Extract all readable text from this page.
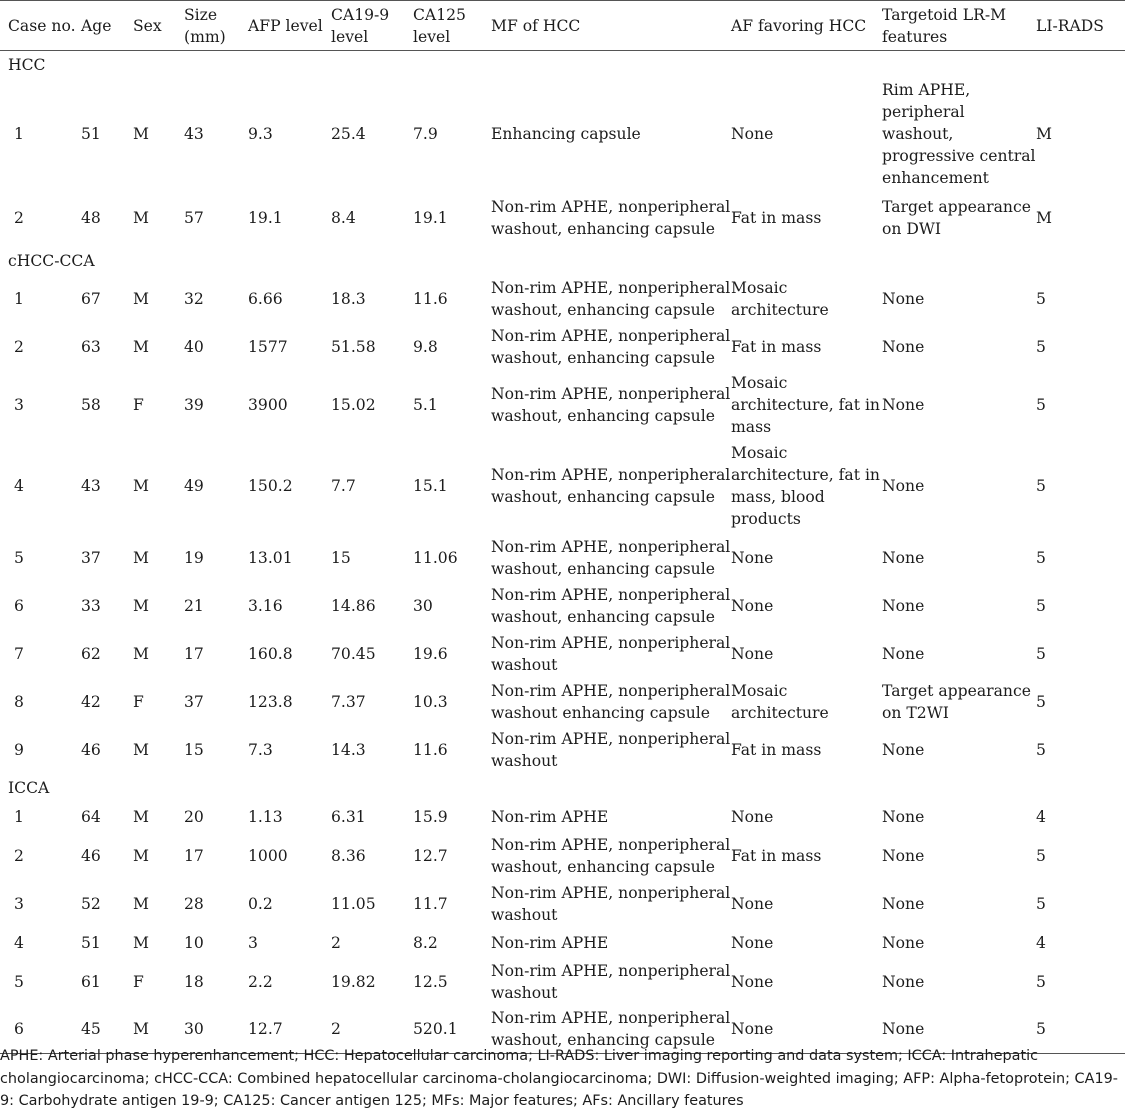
Case no.	Age	Sex	Size (mm)	AFP level	CA19-9 level	CA125 level	MF of HCC	AF favoring HCC	Targetoid LR-M features	LI-RADS
HCC										
1	51	M	43	9.3	25.4	7.9	Enhancing capsule	None	Rim APHE, peripheral washout, progressive central enhancement	M
2	48	M	57	19.1	8.4	19.1	Non-rim APHE, nonperipheral washout, enhancing capsule	Fat in mass	Target appearance on DWI	M
cHCC-CCA										
1	67	M	32	6.66	18.3	11.6	Non-rim APHE, nonperipheral washout, enhancing capsule	Mosaic architecture	None	5
2	63	M	40	1577	51.58	9.8	Non-rim APHE, nonperipheral washout, enhancing capsule	Fat in mass	None	5
3	58	F	39	3900	15.02	5.1	Non-rim APHE, nonperipheral washout, enhancing capsule	Mosaic architecture, fat in mass	None	5
4	43	M	49	150.2	7.7	15.1	Non-rim APHE, nonperipheral washout, enhancing capsule	Mosaic architecture, fat in mass, blood products	None	5
5	37	M	19	13.01	15	11.06	Non-rim APHE, nonperipheral washout, enhancing capsule	None	None	5
6	33	M	21	3.16	14.86	30	Non-rim APHE, nonperipheral washout, enhancing capsule	None	None	5
7	62	M	17	160.8	70.45	19.6	Non-rim APHE, nonperipheral washout	None	None	5
8	42	F	37	123.8	7.37	10.3	Non-rim APHE, nonperipheral washout enhancing capsule	Mosaic architecture	Target appearance on T2WI	5
9	46	M	15	7.3	14.3	11.6	Non-rim APHE, nonperipheral washout	Fat in mass	None	5
ICCA										
1	64	M	20	1.13	6.31	15.9	Non-rim APHE	None	None	4
2	46	M	17	1000	8.36	12.7	Non-rim APHE, nonperipheral washout, enhancing capsule	Fat in mass	None	5
3	52	M	28	0.2	11.05	11.7	Non-rim APHE, nonperipheral washout	None	None	5
4	51	M	10	3	2	8.2	Non-rim APHE	None	None	4
5	61	F	18	2.2	19.82	12.5	Non-rim APHE, nonperipheral washout	None	None	5
6	45	M	30	12.7	2	520.1	Non-rim APHE, nonperipheral washout, enhancing capsule	None	None	5
APHE: Arterial phase hyperenhancement; HCC: Hepatocellular carcinoma; LI-RADS: Liver imaging reporting and data system; ICCA: Intrahepatic cholangiocarcinoma; cHCC-CCA: Combined hepatocellular carcinoma-cholangiocarcinoma; DWI: Diffusion-weighted imaging; AFP: Alpha-fetoprotein; CA19-9: Carbohydrate antigen 19-9; CA125: Cancer antigen 125; MFs: Major features; AFs: Ancillary features
